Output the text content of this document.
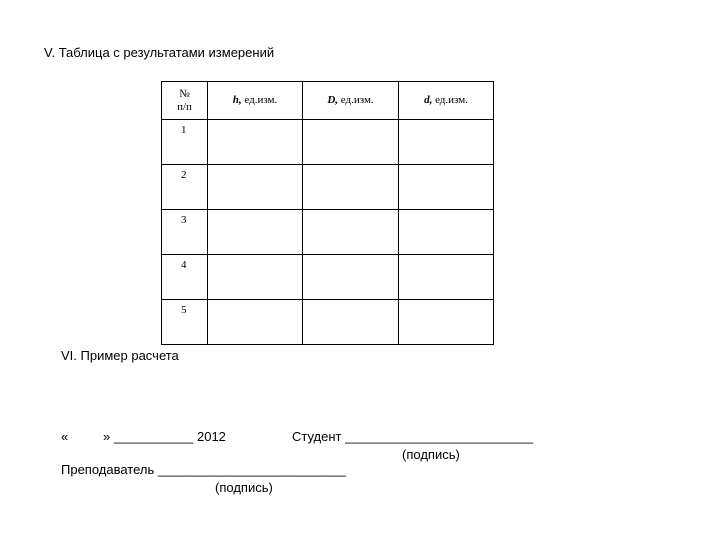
V. Таблица с результатами измерений
№
п/п	h, ед.изм.	D, ед.изм.	d, ед.изм.
1			
2			
3			
4			
5			
VI. Пример расчета
«	» ___________ 2012	Студент __________________________
(подпись)
Преподаватель __________________________
(подпись)
